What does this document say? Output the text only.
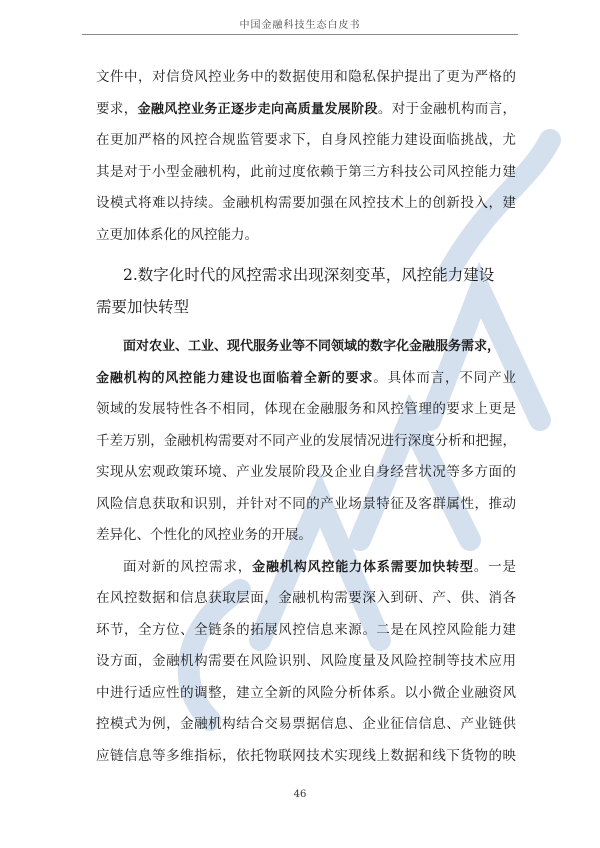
中国金融科技生态白皮书

文件中，对信贷风控业务中的数据使用和隐私保护提出了更为严格的

要求，金融风控业务正逐步走向高质量发展阶段。对于金融机构而言，

在更加严格的风控合规监管要求下，自身风控能力建设面临挑战，尤

其是对于小型金融机构，此前过度依赖于第三方科技公司风控能力建

设模式将难以持续。金融机构需要加强在风控技术上的创新投入，建

立更加体系化的风控能力。

2.数字化时代的风控需求出现深刻变革，风控能力建设

需要加快转型

面对农业、工业、现代服务业等不同领域的数字化金融服务需求，

金融机构的风控能力建设也面临着全新的要求。具体而言，不同产业

领域的发展特性各不相同，体现在金融服务和风控管理的要求上更是

千差万别，金融机构需要对不同产业的发展情况进行深度分析和把握，

实现从宏观政策环境、产业发展阶段及企业自身经营状况等多方面的

风险信息获取和识别，并针对不同的产业场景特征及客群属性，推动

差异化、个性化的风控业务的开展。

面对新的风控需求，金融机构风控能力体系需要加快转型。一是

在风控数据和信息获取层面，金融机构需要深入到研、产、供、消各

环节，全方位、全链条的拓展风控信息来源。二是在风控风险能力建

设方面，金融机构需要在风险识别、风险度量及风险控制等技术应用

中进行适应性的调整，建立全新的风险分析体系。以小微企业融资风

控模式为例，金融机构结合交易票据信息、企业征信信息、产业链供

应链信息等多维指标，依托物联网技术实现线上数据和线下货物的映

46
